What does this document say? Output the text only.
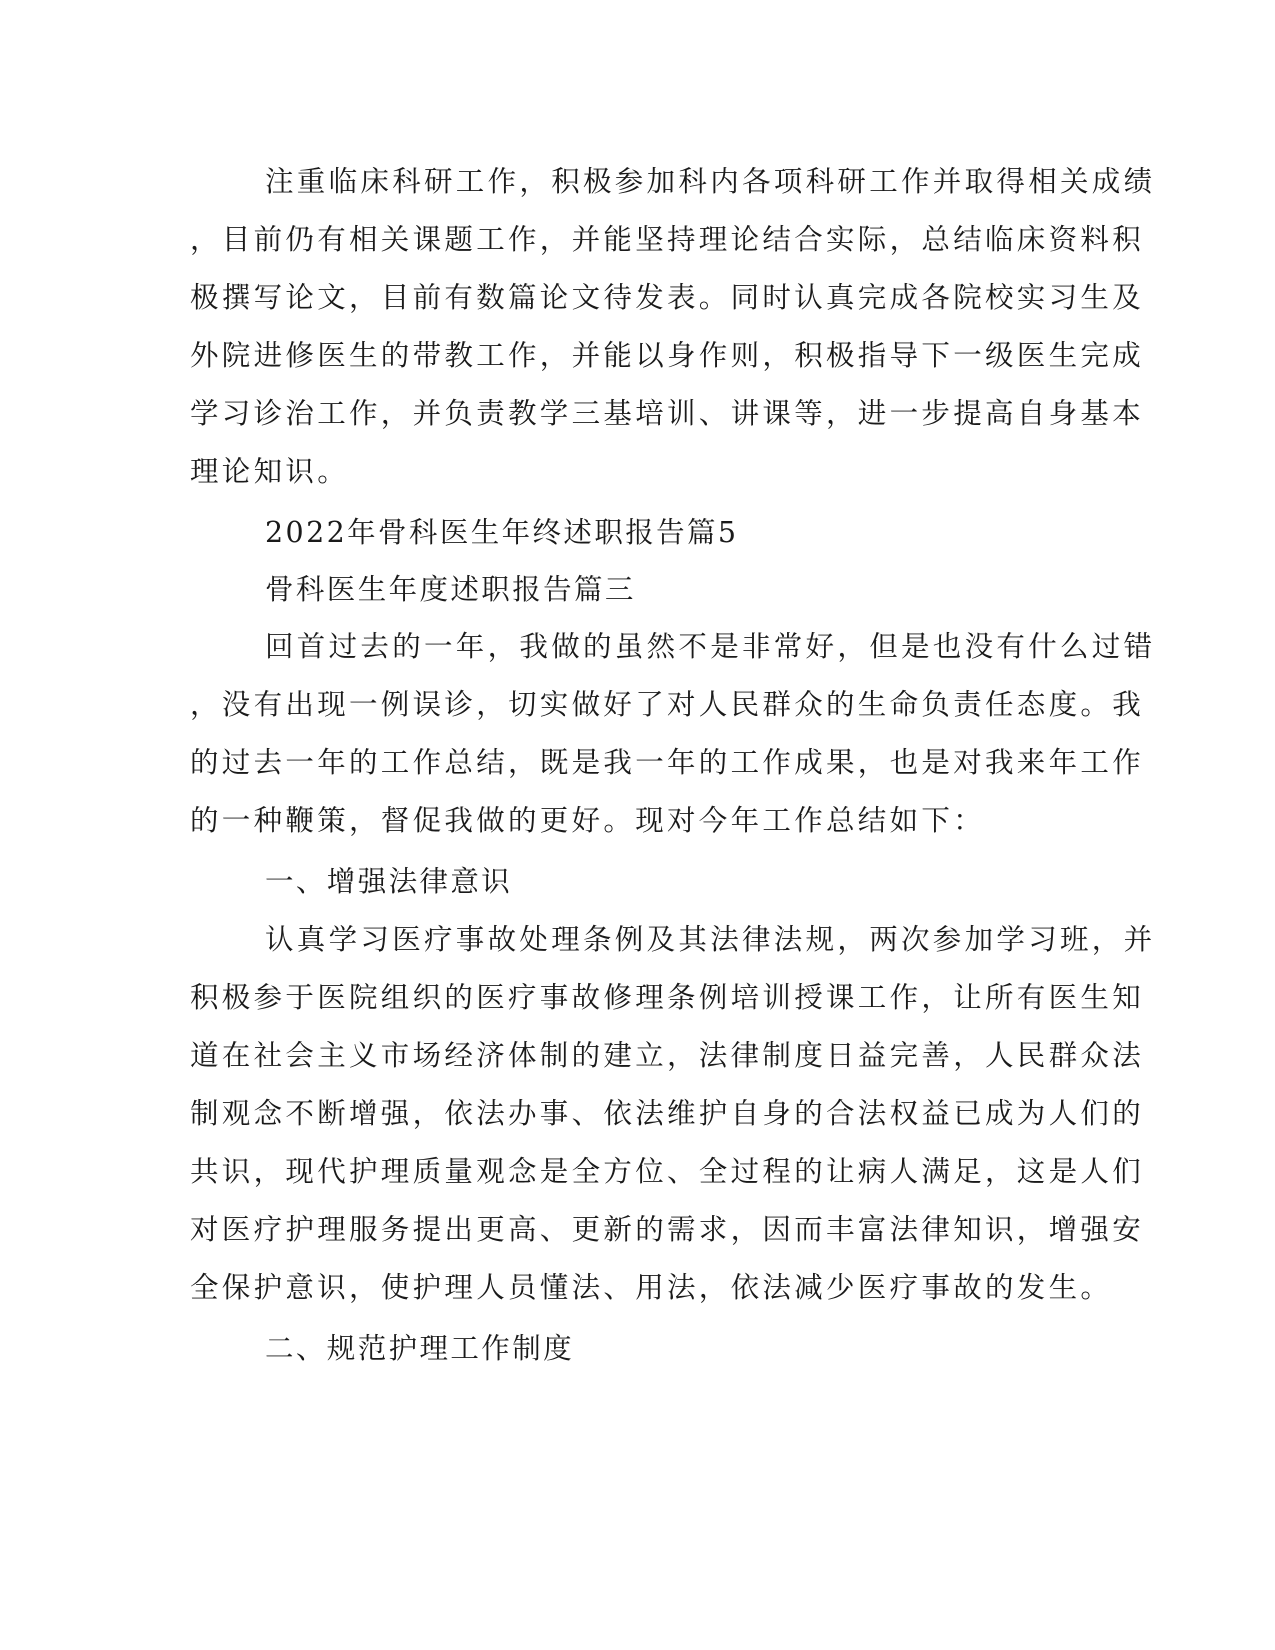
注重临床科研工作，积极参加科内各项科研工作并取得相关成绩
，目前仍有相关课题工作，并能坚持理论结合实际，总结临床资料积
极撰写论文，目前有数篇论文待发表。同时认真完成各院校实习生及
外院进修医生的带教工作，并能以身作则，积极指导下一级医生完成
学习诊治工作，并负责教学三基培训、讲课等，进一步提高自身基本
理论知识。
2022年骨科医生年终述职报告篇5
骨科医生年度述职报告篇三
回首过去的一年，我做的虽然不是非常好，但是也没有什么过错
，没有出现一例误诊，切实做好了对人民群众的生命负责任态度。我
的过去一年的工作总结，既是我一年的工作成果，也是对我来年工作
的一种鞭策，督促我做的更好。现对今年工作总结如下：
一、增强法律意识
认真学习医疗事故处理条例及其法律法规，两次参加学习班，并
积极参于医院组织的医疗事故修理条例培训授课工作，让所有医生知
道在社会主义市场经济体制的建立，法律制度日益完善，人民群众法
制观念不断增强，依法办事、依法维护自身的合法权益已成为人们的
共识，现代护理质量观念是全方位、全过程的让病人满足，这是人们
对医疗护理服务提出更高、更新的需求，因而丰富法律知识，增强安
全保护意识，使护理人员懂法、用法，依法减少医疗事故的发生。
二、规范护理工作制度
